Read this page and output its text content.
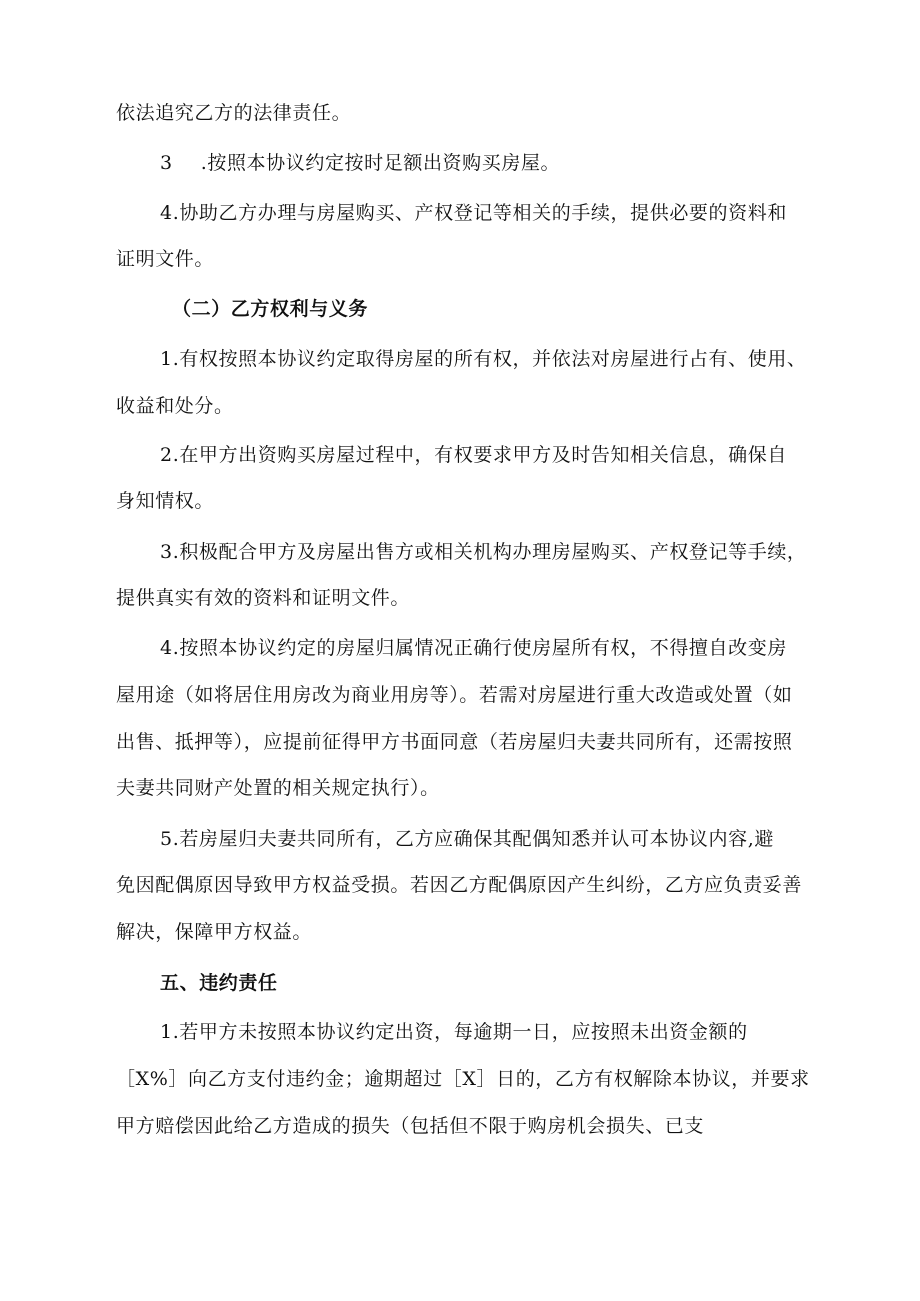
依法追究乙方的法律责任。
3 .按照本协议约定按时足额出资购买房屋。
4.协助乙方办理与房屋购买、产权登记等相关的手续，提供必要的资料和
证明文件。
（二）乙方权利与义务
1.有权按照本协议约定取得房屋的所有权，并依法对房屋进行占有、使用、
收益和处分。
2.在甲方出资购买房屋过程中，有权要求甲方及时告知相关信息，确保自
身知情权。
3.积极配合甲方及房屋出售方或相关机构办理房屋购买、产权登记等手续，
提供真实有效的资料和证明文件。
4.按照本协议约定的房屋归属情况正确行使房屋所有权，不得擅自改变房
屋用途（如将居住用房改为商业用房等）。若需对房屋进行重大改造或处置（如
出售、抵押等），应提前征得甲方书面同意（若房屋归夫妻共同所有，还需按照
夫妻共同财产处置的相关规定执行）。
5.若房屋归夫妻共同所有，乙方应确保其配偶知悉并认可本协议内容,避
免因配偶原因导致甲方权益受损。若因乙方配偶原因产生纠纷，乙方应负责妥善
解决，保障甲方权益。
五、违约责任
1.若甲方未按照本协议约定出资，每逾期一日，应按照未出资金额的
［X%］向乙方支付违约金；逾期超过［X］日的，乙方有权解除本协议，并要求
甲方赔偿因此给乙方造成的损失（包括但不限于购房机会损失、已支
